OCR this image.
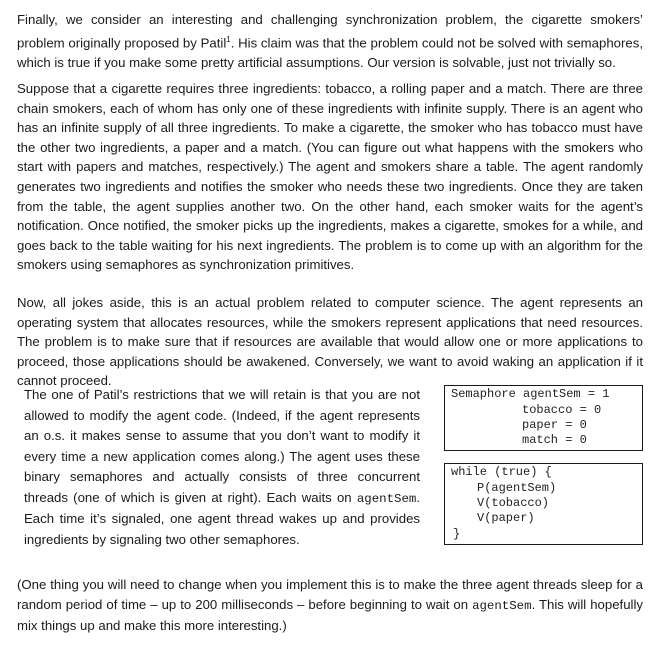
Finally, we consider an interesting and challenging synchronization problem, the cigarette smokers’ problem originally proposed by Patil$^1$. His claim was that the problem could not be solved with semaphores, which is true if you make some pretty artificial assumptions. Our version is solvable, just not trivially so.

Suppose that a cigarette requires three ingredients: tobacco, a rolling paper and a match. There are three chain smokers, each of whom has only one of these ingredients with infinite supply. There is an agent who has an infinite supply of all three ingredients. To make a cigarette, the smoker who has tobacco must have the other two ingredients, a paper and a match. (You can figure out what happens with the smokers who start with papers and matches, respectively.) The agent and smokers share a table. The agent randomly generates two ingredients and notifies the smoker who needs these two ingredients. Once they are taken from the table, the agent supplies another two. On the other hand, each smoker waits for the agent’s notification. Once notified, the smoker picks up the ingredients, makes a cigarette, smokes for a while, and goes back to the table waiting for his next ingredients. The problem is to come up with an algorithm for the smokers using semaphores as synchronization primitives.

Now, all jokes aside, this is an actual problem related to computer science. The agent represents an operating system that allocates resources, while the smokers represent applications that need resources. The problem is to make sure that if resources are available that would allow one or more applications to proceed, those applications should be awakened. Conversely, we want to avoid waking an application if it cannot proceed.

The one of Patil’s restrictions that we will retain is that you are not allowed to modify the agent code. (Indeed, if the agent represents an o.s. it makes sense to assume that you don’t want to modify it every time a new application comes along.) The agent uses these binary semaphores and actually consists of three concurrent threads (one of which is given at right). Each waits on agentSem. Each time it’s signaled, one agent thread wakes up and provides ingredients by signaling two other semaphores.

Semaphore agentSem = 1
tobacco = 0
paper = 0
match = 0
while (true) {
P(agentSem)
V(tobacco)
V(paper)
}

(One thing you will need to change when you implement this is to make the three agent threads sleep for a random period of time – up to 200 milliseconds – before beginning to wait on agentSem. This will hopefully mix things up and make this more interesting.)
